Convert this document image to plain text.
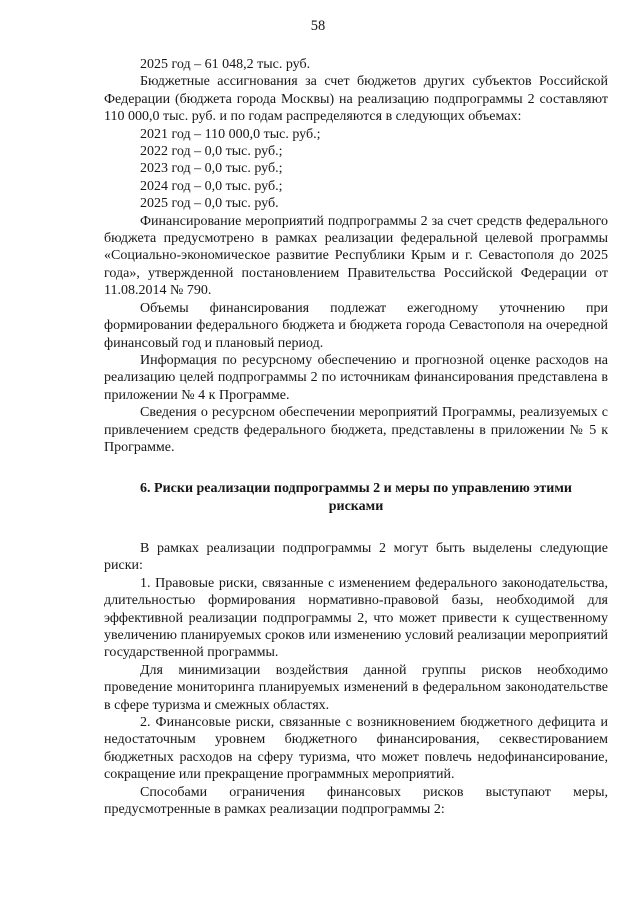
58
2025 год – 61 048,2 тыс. руб.

Бюджетные ассигнования за счет бюджетов других субъектов Российской Федерации (бюджета города Москвы) на реализацию подпрограммы 2 составляют 110 000,0 тыс. руб. и по годам распределяются в следующих объемах:

2021 год – 110 000,0 тыс. руб.;
2022 год – 0,0 тыс. руб.;
2023 год – 0,0 тыс. руб.;
2024 год – 0,0 тыс. руб.;
2025 год – 0,0 тыс. руб.

Финансирование мероприятий подпрограммы 2 за счет средств федерального бюджета предусмотрено в рамках реализации федеральной целевой программы «Социально-экономическое развитие Республики Крым и г. Севастополя до 2025 года», утвержденной постановлением Правительства Российской Федерации от 11.08.2014 № 790.

Объемы финансирования подлежат ежегодному уточнению при формировании федерального бюджета и бюджета города Севастополя на очередной финансовый год и плановый период.

Информация по ресурсному обеспечению и прогнозной оценке расходов на реализацию целей подпрограммы 2 по источникам финансирования представлена в приложении № 4 к Программе.

Сведения о ресурсном обеспечении мероприятий Программы, реализуемых с привлечением средств федерального бюджета, представлены в приложении № 5 к Программе.

6. Риски реализации подпрограммы 2 и меры по управлению этими рисками

В рамках реализации подпрограммы 2 могут быть выделены следующие риски:

1. Правовые риски, связанные с изменением федерального законодательства, длительностью формирования нормативно-правовой базы, необходимой для эффективной реализации подпрограммы 2, что может привести к существенному увеличению планируемых сроков или изменению условий реализации мероприятий государственной программы.

Для минимизации воздействия данной группы рисков необходимо проведение мониторинга планируемых изменений в федеральном законодательстве в сфере туризма и смежных областях.

2. Финансовые риски, связанные с возникновением бюджетного дефицита и недостаточным уровнем бюджетного финансирования, секвестированием бюджетных расходов на сферу туризма, что может повлечь недофинансирование, сокращение или прекращение программных мероприятий.

Способами ограничения финансовых рисков выступают меры, предусмотренные в рамках реализации подпрограммы 2:
